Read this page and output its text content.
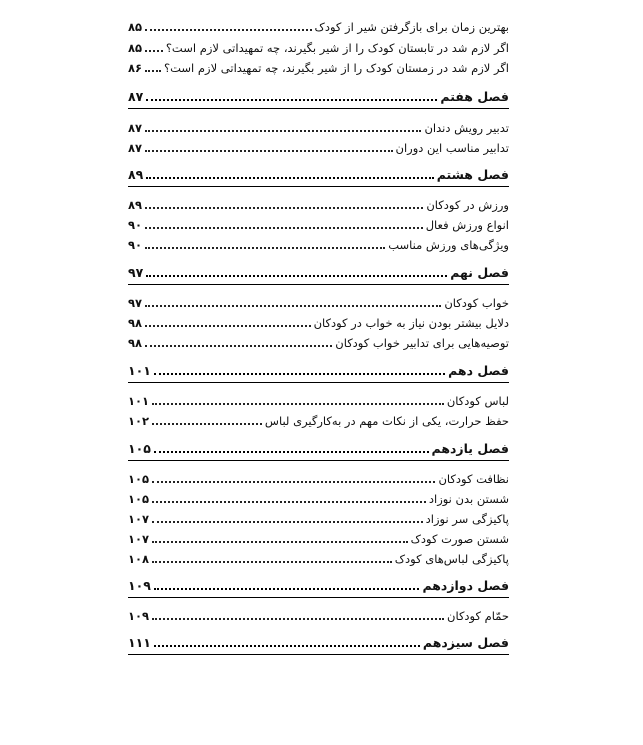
بهترین زمان برای بازگرفتن شیر از کودک
۸۵
اگر لازم شد در تابستان کودک را از شیر بگیرند، چه تمهیداتی لازم است؟
۸۵
اگر لازم شد در زمستان کودک را از شیر بگیرند، چه تمهیداتی لازم است؟
۸۶
فصل هفتم
۸۷
تدبیر رویش دندان
۸۷
تدابیر مناسب این دوران
۸۷
فصل هشتم
۸۹
ورزش در کودکان
۸۹
انواع ورزش فعال
۹۰
ویژگی‌های ورزش مناسب
۹۰
فصل نهم
۹۷
خواب کودکان
۹۷
دلایل بیشتر بودن نیاز به خواب در کودکان
۹۸
توصیه‌هایی برای تدابیر خواب کودکان
۹۸
فصل دهم
۱۰۱
لباس کودکان
۱۰۱
حفظ حرارت، یکی از نکات مهم در به‌کارگیری لباس
۱۰۲
فصل یازدهم
۱۰۵
نظافت کودکان
۱۰۵
شستن بدن نوزاد
۱۰۵
پاکیزگی سر نوزاد
۱۰۷
شستن صورت کودک
۱۰۷
پاکیزگی لباس‌های کودک
۱۰۸
فصل دوازدهم
۱۰۹
حمّام کودکان
۱۰۹
فصل سیزدهم
۱۱۱
